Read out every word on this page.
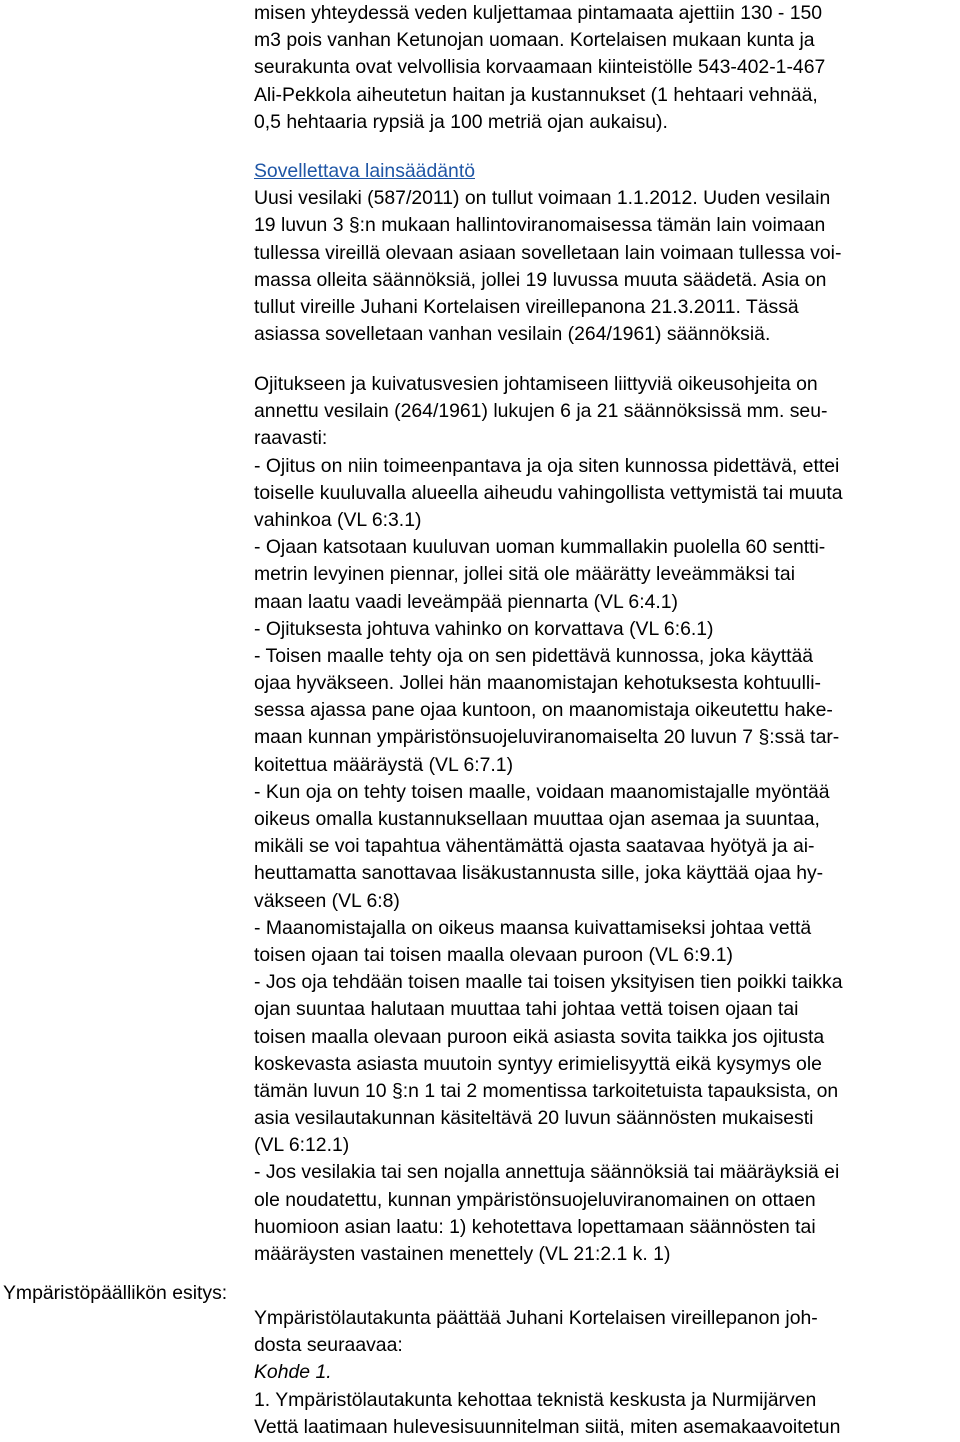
misen yhteydessä veden kuljettamaa pintamaata ajettiin 130 - 150
m3 pois vanhan Ketunojan uomaan. Kortelaisen mukaan kunta ja
seurakunta ovat velvollisia korvaamaan kiinteistölle 543-402-1-467
Ali-Pekkola aiheutetun haitan ja kustannukset (1 hehtaari vehnää,
0,5 hehtaaria rypsiä ja 100 metriä ojan aukaisu).
Sovellettava lainsäädäntö
Uusi vesilaki (587/2011) on tullut voimaan 1.1.2012. Uuden vesilain
19 luvun 3 §:n mukaan hallintoviranomaisessa tämän lain voimaan
tullessa vireillä olevaan asiaan sovelletaan lain voimaan tullessa voi-
massa olleita säännöksiä, jollei 19 luvussa muuta säädetä. Asia on
tullut vireille Juhani Kortelaisen vireillepanona 21.3.2011. Tässä
asiassa sovelletaan vanhan vesilain (264/1961) säännöksiä.
Ojitukseen ja kuivatusvesien johtamiseen liittyviä oikeusohjeita on
annettu vesilain (264/1961) lukujen 6 ja 21 säännöksissä mm. seu-
raavasti:
- Ojitus on niin toimeenpantava ja oja siten kunnossa pidettävä, ettei
toiselle kuuluvalla alueella aiheudu vahingollista vettymistä tai muuta
vahinkoa (VL 6:3.1)
- Ojaan katsotaan kuuluvan uoman kummallakin puolella 60 sentti-
metrin levyinen piennar, jollei sitä ole määrätty leveämmäksi tai
maan laatu vaadi leveämpää piennarta (VL 6:4.1)
- Ojituksesta johtuva vahinko on korvattava (VL 6:6.1)
- Toisen maalle tehty oja on sen pidettävä kunnossa, joka käyttää
ojaa hyväkseen. Jollei hän maanomistajan kehotuksesta kohtuulli-
sessa ajassa pane ojaa kuntoon, on maanomistaja oikeutettu hake-
maan kunnan ympäristönsuojeluviranomaiselta 20 luvun 7 §:ssä tar-
koitettua määräystä (VL 6:7.1)
- Kun oja on tehty toisen maalle, voidaan maanomistajalle myöntää
oikeus omalla kustannuksellaan muuttaa ojan asemaa ja suuntaa,
mikäli se voi tapahtua vähentämättä ojasta saatavaa hyötyä ja ai-
heuttamatta sanottavaa lisäkustannusta sille, joka käyttää ojaa hy-
väkseen (VL 6:8)
- Maanomistajalla on oikeus maansa kuivattamiseksi johtaa vettä
toisen ojaan tai toisen maalla olevaan puroon (VL 6:9.1)
- Jos oja tehdään toisen maalle tai toisen yksityisen tien poikki taikka
ojan suuntaa halutaan muuttaa tahi johtaa vettä toisen ojaan tai
toisen maalla olevaan puroon eikä asiasta sovita taikka jos ojitusta
koskevasta asiasta muutoin syntyy erimielisyyttä eikä kysymys ole
tämän luvun 10 §:n 1 tai 2 momentissa tarkoitetuista tapauksista, on
asia vesilautakunnan käsiteltävä 20 luvun säännösten mukaisesti
(VL 6:12.1)
- Jos vesilakia tai sen nojalla annettuja säännöksiä tai määräyksiä ei
ole noudatettu, kunnan ympäristönsuojeluviranomainen on ottaen
huomioon asian laatu: 1) kehotettava lopettamaan säännösten tai
määräysten vastainen menettely (VL 21:2.1 k. 1)
Ympäristöpäällikön esitys:
Ympäristölautakunta päättää Juhani Kortelaisen vireillepanon joh-
dosta seuraavaa:
Kohde 1.
1. Ympäristölautakunta kehottaa teknistä keskusta ja Nurmijärven
Vettä laatimaan hulevesisuunnitelman siitä, miten asemakaavoitetun
